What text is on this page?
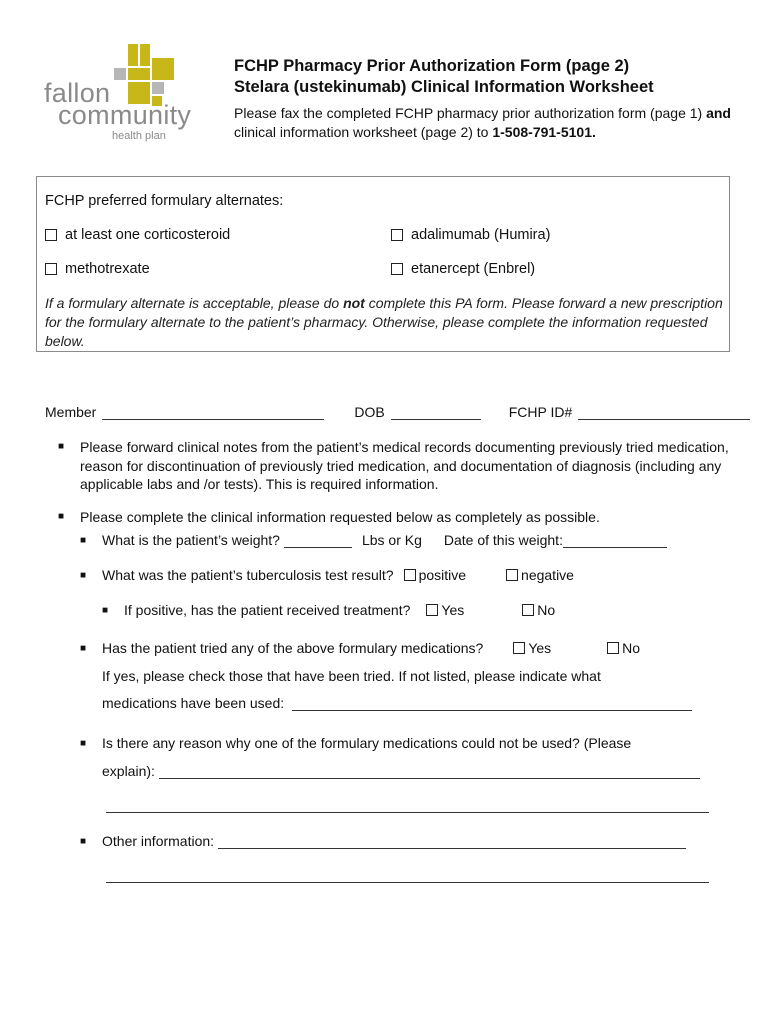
fallon
community
health plan
FCHP Pharmacy Prior Authorization Form (page 2)
Stelara (ustekinumab) Clinical Information Worksheet
Please fax the completed FCHP pharmacy prior authorization form (page 1) and clinical information worksheet (page 2) to 1-508-791-5101.
FCHP preferred formulary alternates:
at least one corticosteroid	adalimumab (Humira)
methotrexate	etanercept (Enbrel)
If a formulary alternate is acceptable, please do not complete this PA form. Please forward a new prescription for the formulary alternate to the patient’s pharmacy. Otherwise, please complete the information requested below.
Member	DOB	FCHP ID#
■ Please forward clinical notes from the patient’s medical records documenting previously tried medication, reason for discontinuation of previously tried medication, and documentation of diagnosis (including any applicable labs and /or tests). This is required information.
■ Please complete the clinical information requested below as completely as possible.
■ What is the patient’s weight?	Lbs or Kg Date of this weight:
■ What was the patient’s tuberculosis test result? positive	negative
■ If positive, has the patient received treatment? Yes	No
■ Has the patient tried any of the above formulary medications?	Yes	No
If yes, please check those that have been tried. If not listed, please indicate what
medications have been used:
■ Is there any reason why one of the formulary medications could not be used? (Please
explain):
■ Other information:
